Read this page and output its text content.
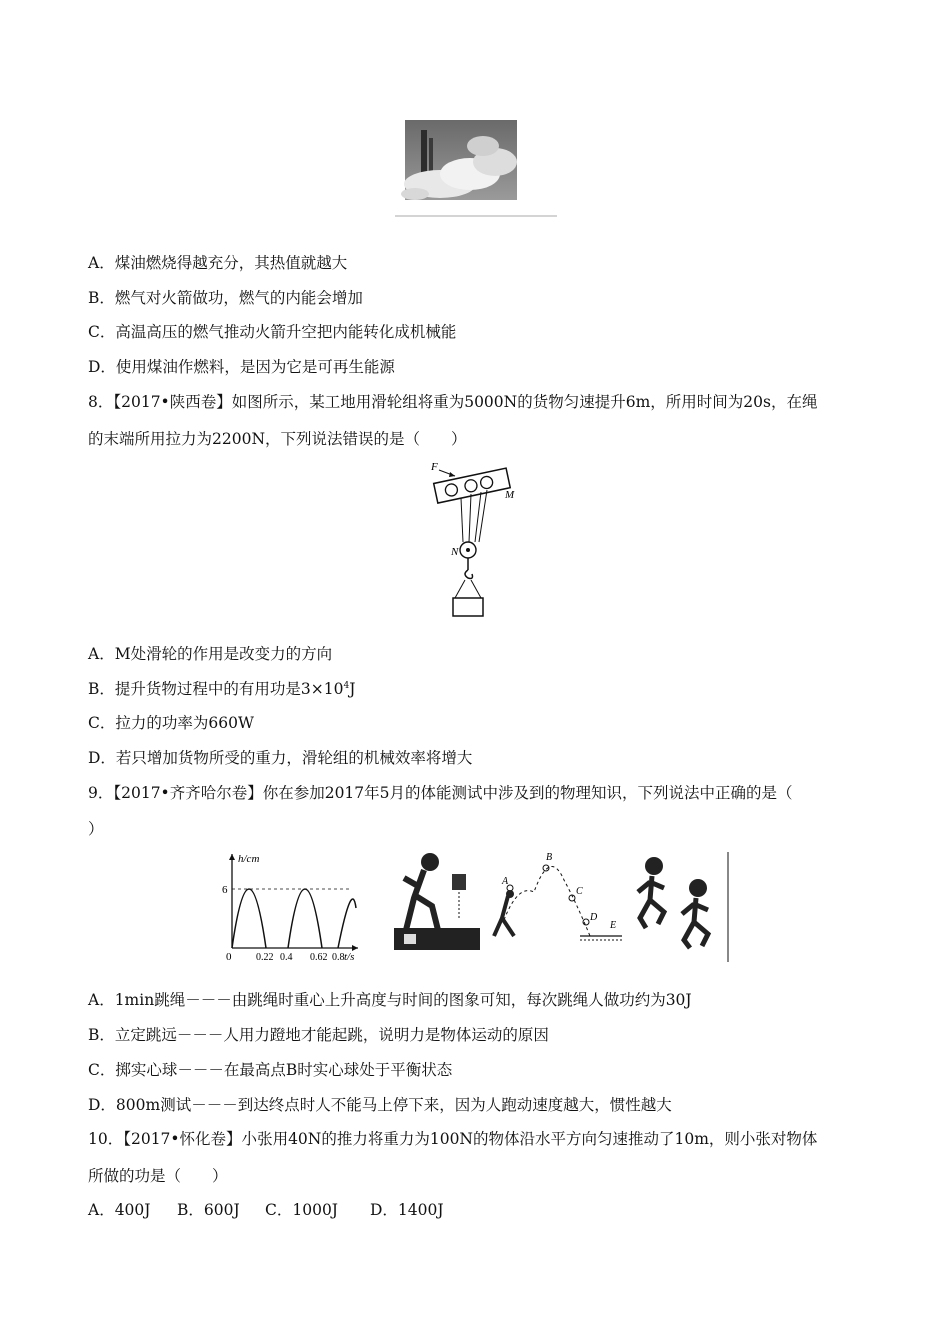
A．煤油燃烧得越充分，其热值就越大
B．燃气对火箭做功，燃气的内能会增加
C．高温高压的燃气推动火箭升空把内能转化成机械能
D．使用煤油作燃料，是因为它是可再生能源
8．【2017•陕西卷】如图所示，某工地用滑轮组将重为5000N的货物匀速提升6m，所用时间为20s，在绳
的末端所用拉力为2200N，下列说法错误的是（　　）
F
M
N
A．M处滑轮的作用是改变力的方向
B．提升货物过程中的有用功是$3\times 10^4J$
C．拉力的功率为660W
D．若只增加货物所受的重力，滑轮组的机械效率将增大
9．【2017•齐齐哈尔卷】你在参加2017年5月的体能测试中涉及到的物理知识，下列说法中正确的是（
）
h/cm
6
0 0.22 0.4 0.62 0.8 t/s
A
B
C
D
E
A．1min跳绳－－－由跳绳时重心上升高度与时间的图象可知，每次跳绳人做功约为30J
B．立定跳远－－－人用力蹬地才能起跳，说明力是物体运动的原因
C．掷实心球－－－在最高点B时实心球处于平衡状态
D．800m测试－－－到达终点时人不能马上停下来，因为人跑动速度越大，惯性越大
10．【2017•怀化卷】小张用40N的推力将重力为100N的物体沿水平方向匀速推动了10m，则小张对物体
所做的功是（　　）
A．400J B．600J C．1000J D．1400J
